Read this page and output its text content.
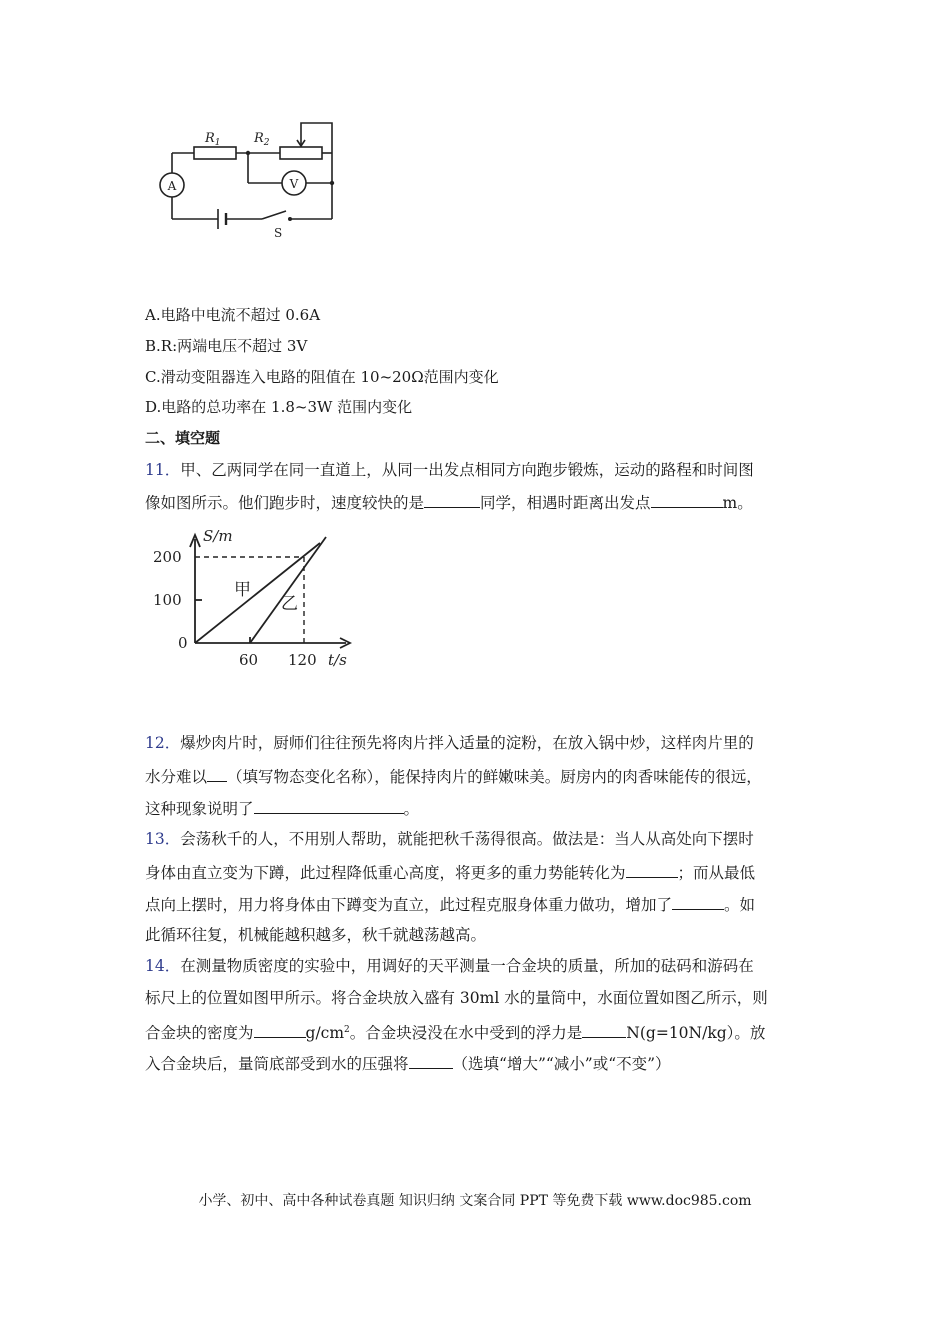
$R_1$	$R_2$
A	V
S
A.电路中电流不超过 0.6A
B.R:两端电压不超过 3V
C.滑动变阻器连入电路的阻值在 10~20Ω范围内变化
D.电路的总功率在 1.8~3W 范围内变化
二、填空题
11．甲、乙两同学在同一直道上，从同一出发点相同方向跑步锻炼，运动的路程和时间图
像如图所示。他们跑步时，速度较快的是	同学，相遇时距离出发点	m。
S/m
200
100
0
60 120 t/s
甲
乙
12．爆炒肉片时，厨师们往往预先将肉片拌入适量的淀粉，在放入锅中炒，这样肉片里的
水分难以 （填写物态变化名称），能保持肉片的鲜嫩味美。厨房内的肉香味能传的很远，
这种现象说明了	。
13．会荡秋千的人，不用别人帮助，就能把秋千荡得很高。做法是：当人从高处向下摆时
身体由直立变为下蹲，此过程降低重心高度，将更多的重力势能转化为	；而从最低
点向上摆时，用力将身体由下蹲变为直立，此过程克服身体重力做功，增加了	。如
此循环往复，机械能越积越多，秋千就越荡越高。
14．在测量物质密度的实验中，用调好的天平测量一合金块的质量，所加的砝码和游码在
标尺上的位置如图甲所示。将合金块放入盛有 30ml 水的量筒中，水面位置如图乙所示，则
合金块的密度为	$g/cm^2$。合金块浸没在水中受到的浮力是	N(g=10N/kg）。放
入合金块后，量筒底部受到水的压强将	（选填“增大”“减小”或“不变”）
小学、初中、高中各种试卷真题 知识归纳 文案合同 PPT 等免费下载 www.doc985.com
